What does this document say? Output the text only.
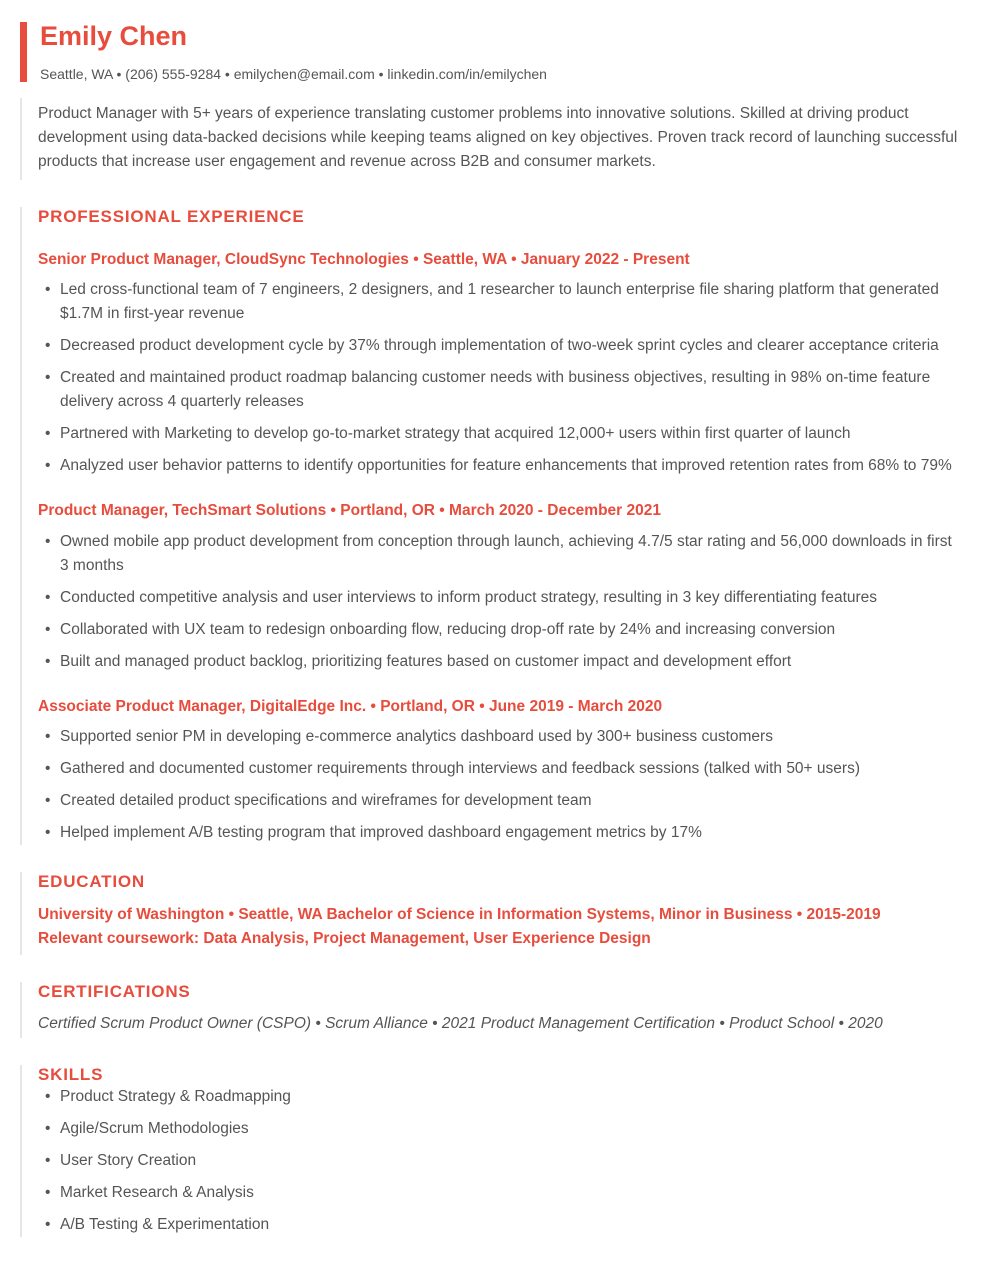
Emily Chen

Seattle, WA • (206) 555-9284 • emilychen@email.com • linkedin.com/in/emilychen

Product Manager with 5+ years of experience translating customer problems into innovative solutions. Skilled at driving product development using data-backed decisions while keeping teams aligned on key objectives. Proven track record of launching successful products that increase user engagement and revenue across B2B and consumer markets.

PROFESSIONAL EXPERIENCE
Senior Product Manager, CloudSync Technologies • Seattle, WA • January 2022 - Present
• Led cross-functional team of 7 engineers, 2 designers, and 1 researcher to launch enterprise file sharing platform that generated $1.7M in first-year revenue
• Decreased product development cycle by 37% through implementation of two-week sprint cycles and clearer acceptance criteria
• Created and maintained product roadmap balancing customer needs with business objectives, resulting in 98% on-time feature delivery across 4 quarterly releases
• Partnered with Marketing to develop go-to-market strategy that acquired 12,000+ users within first quarter of launch
• Analyzed user behavior patterns to identify opportunities for feature enhancements that improved retention rates from 68% to 79%
Product Manager, TechSmart Solutions • Portland, OR • March 2020 - December 2021
• Owned mobile app product development from conception through launch, achieving 4.7/5 star rating and 56,000 downloads in first 3 months
• Conducted competitive analysis and user interviews to inform product strategy, resulting in 3 key differentiating features
• Collaborated with UX team to redesign onboarding flow, reducing drop-off rate by 24% and increasing conversion
• Built and managed product backlog, prioritizing features based on customer impact and development effort
Associate Product Manager, DigitalEdge Inc. • Portland, OR • June 2019 - March 2020
• Supported senior PM in developing e-commerce analytics dashboard used by 300+ business customers
• Gathered and documented customer requirements through interviews and feedback sessions (talked with 50+ users)
• Created detailed product specifications and wireframes for development team
• Helped implement A/B testing program that improved dashboard engagement metrics by 17%
EDUCATION

University of Washington • Seattle, WA Bachelor of Science in Information Systems, Minor in Business • 2015-2019

Relevant coursework: Data Analysis, Project Management, User Experience Design

CERTIFICATIONS

Certified Scrum Product Owner (CSPO) • Scrum Alliance • 2021 Product Management Certification • Product School • 2020

SKILLS
• Product Strategy & Roadmapping
• Agile/Scrum Methodologies
• User Story Creation
• Market Research & Analysis
• A/B Testing & Experimentation
